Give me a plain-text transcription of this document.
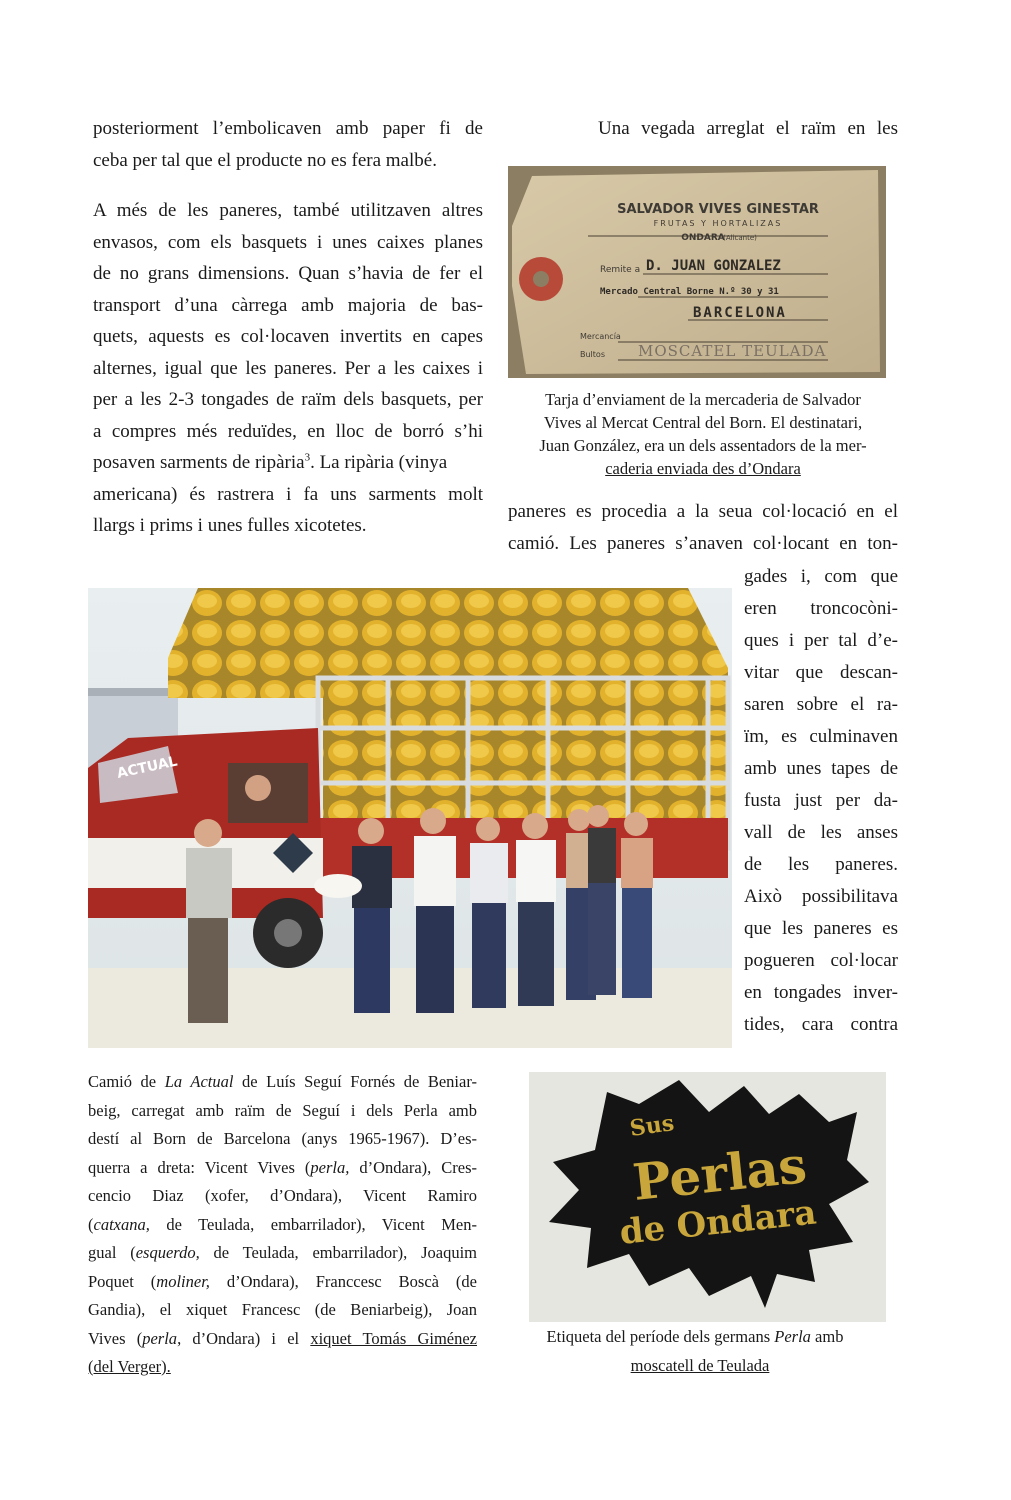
posteriorment l’embolicaven amb paper fi de
ceba per tal que el producte no es fera malbé.
A més de les paneres, també utilitzaven altres
envasos, com els basquets i unes caixes planes
de no grans dimensions. Quan s’havia de fer el
transport d’una càrrega amb majoria de bas-
quets, aquests es col·locaven invertits en capes
alternes, igual que les paneres. Per a les caixes i
per a les 2-3 tongades de raïm dels basquets, per
a compres més reduïdes, en lloc de borró s’hi
posaven sarments de ripària$^3$. La ripària (vinya
americana) és rastrera i fa uns sarments molt
llargs i prims i unes fulles xicotetes.
Una vegada arreglat el raïm en les
SALVADOR VIVES GINESTAR
FRUTAS Y HORTALIZAS
ONDARA
(Alicante)
Remite a D. JUAN GONZALEZ
Mercado Central Borne N.º 30 y 31
BARCELONA
Mercancía
Bultos MOSCATEL TEULADA
Tarja d’enviament de la mercaderia de Salvador
Vives al Mercat Central del Born. El destinatari,
Juan González, era un dels assentadors de la mer-
caderia enviada des d’Ondara
paneres es procedia a la seua col·locació en el
camió. Les paneres s’anaven col·locant en ton-
gades i, com que
eren troncocòni-
ques i per tal d’e-
vitar que descan-
saren sobre el ra-
ïm, es culminaven
amb unes tapes de
fusta just per da-
vall de les anses
de les paneres.
Això possibilitava
que les paneres es
pogueren col·locar
en tongades inver-
tides, cara contra
ACTUAL
Camió de La Actual de Luís Seguí Fornés de Beniar-
beig, carregat amb raïm de Seguí i dels Perla amb
destí al Born de Barcelona (anys 1965-1967). D’es-
querra a dreta: Vicent Vives (perla, d’Ondara), Cres-
cencio Diaz (xofer, d’Ondara), Vicent Ramiro
(catxana, de Teulada, embarrilador), Vicent Men-
gual (esquerdo, de Teulada, embarrilador), Joaquim
Poquet (moliner, d’Ondara), Franccesc Boscà (de
Gandia), el xiquet Francesc (de Beniarbeig), Joan
Vives (perla, d’Ondara) i el xiquet Tomás Giménez
(del Verger).
Sus
Perlas
de Ondara
Etiqueta del període dels germans Perla amb
moscatell de Teulada
